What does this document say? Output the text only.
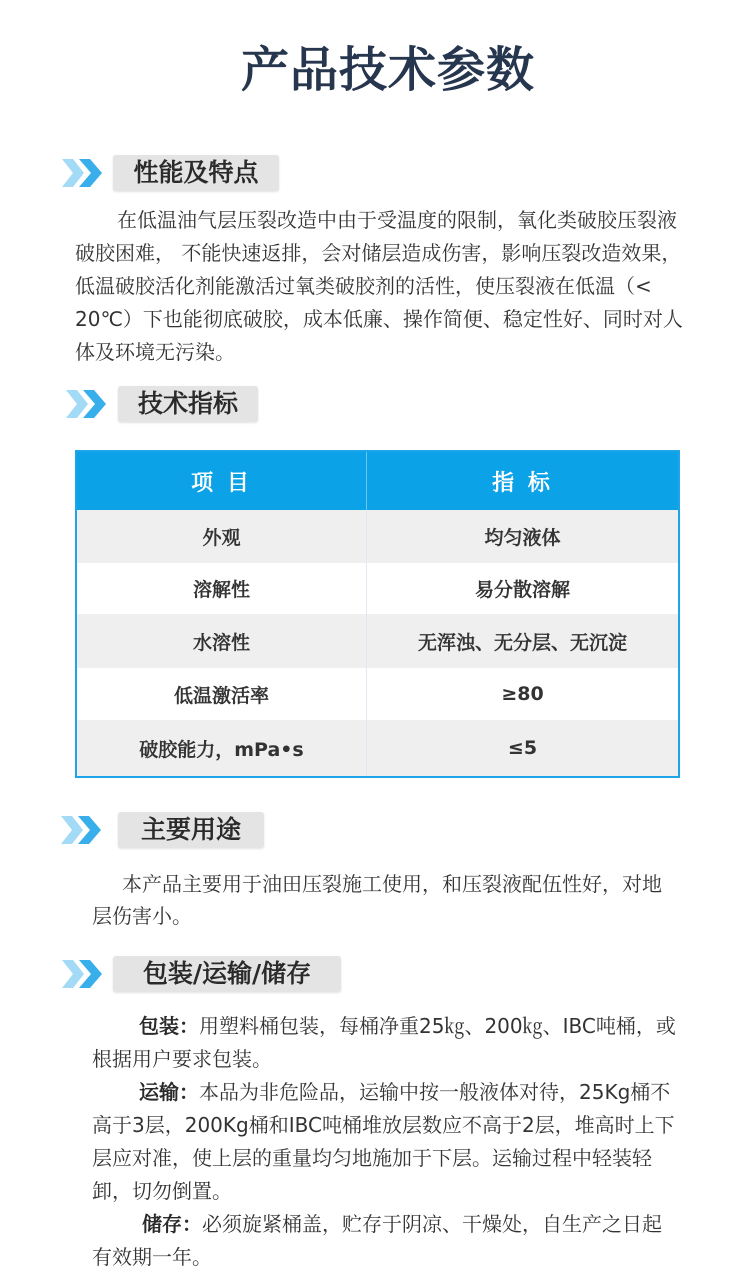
产品技术参数
性能及特点
在低温油气层压裂改造中由于受温度的限制，氧化类破胶压裂液
破胶困难， 不能快速返排，会对储层造成伤害，影响压裂改造效果，
低温破胶活化剂能激活过氧类破胶剂的活性，使压裂液在低温（<
20℃）下也能彻底破胶，成本低廉、操作简便、稳定性好、同时对人
体及环境无污染。
技术指标
项 目	指 标
外观	均匀液体
溶解性	易分散溶解
水溶性	无浑浊、无分层、无沉淀
低温激活率	≥80
破胶能力，mPa•s	≤5
主要用途
本产品主要用于油田压裂施工使用，和压裂液配伍性好，对地
层伤害小。
包装/运输/储存
包装：用塑料桶包装，每桶净重25㎏、200㎏、IBC吨桶，或
根据用户要求包装。
运输：本品为非危险品，运输中按一般液体对待，25Kg桶不
高于3层，200Kg桶和IBC吨桶堆放层数应不高于2层，堆高时上下
层应对准，使上层的重量均匀地施加于下层。运输过程中轻装轻
卸，切勿倒置。
储存：必须旋紧桶盖，贮存于阴凉、干燥处，自生产之日起
有效期一年。
